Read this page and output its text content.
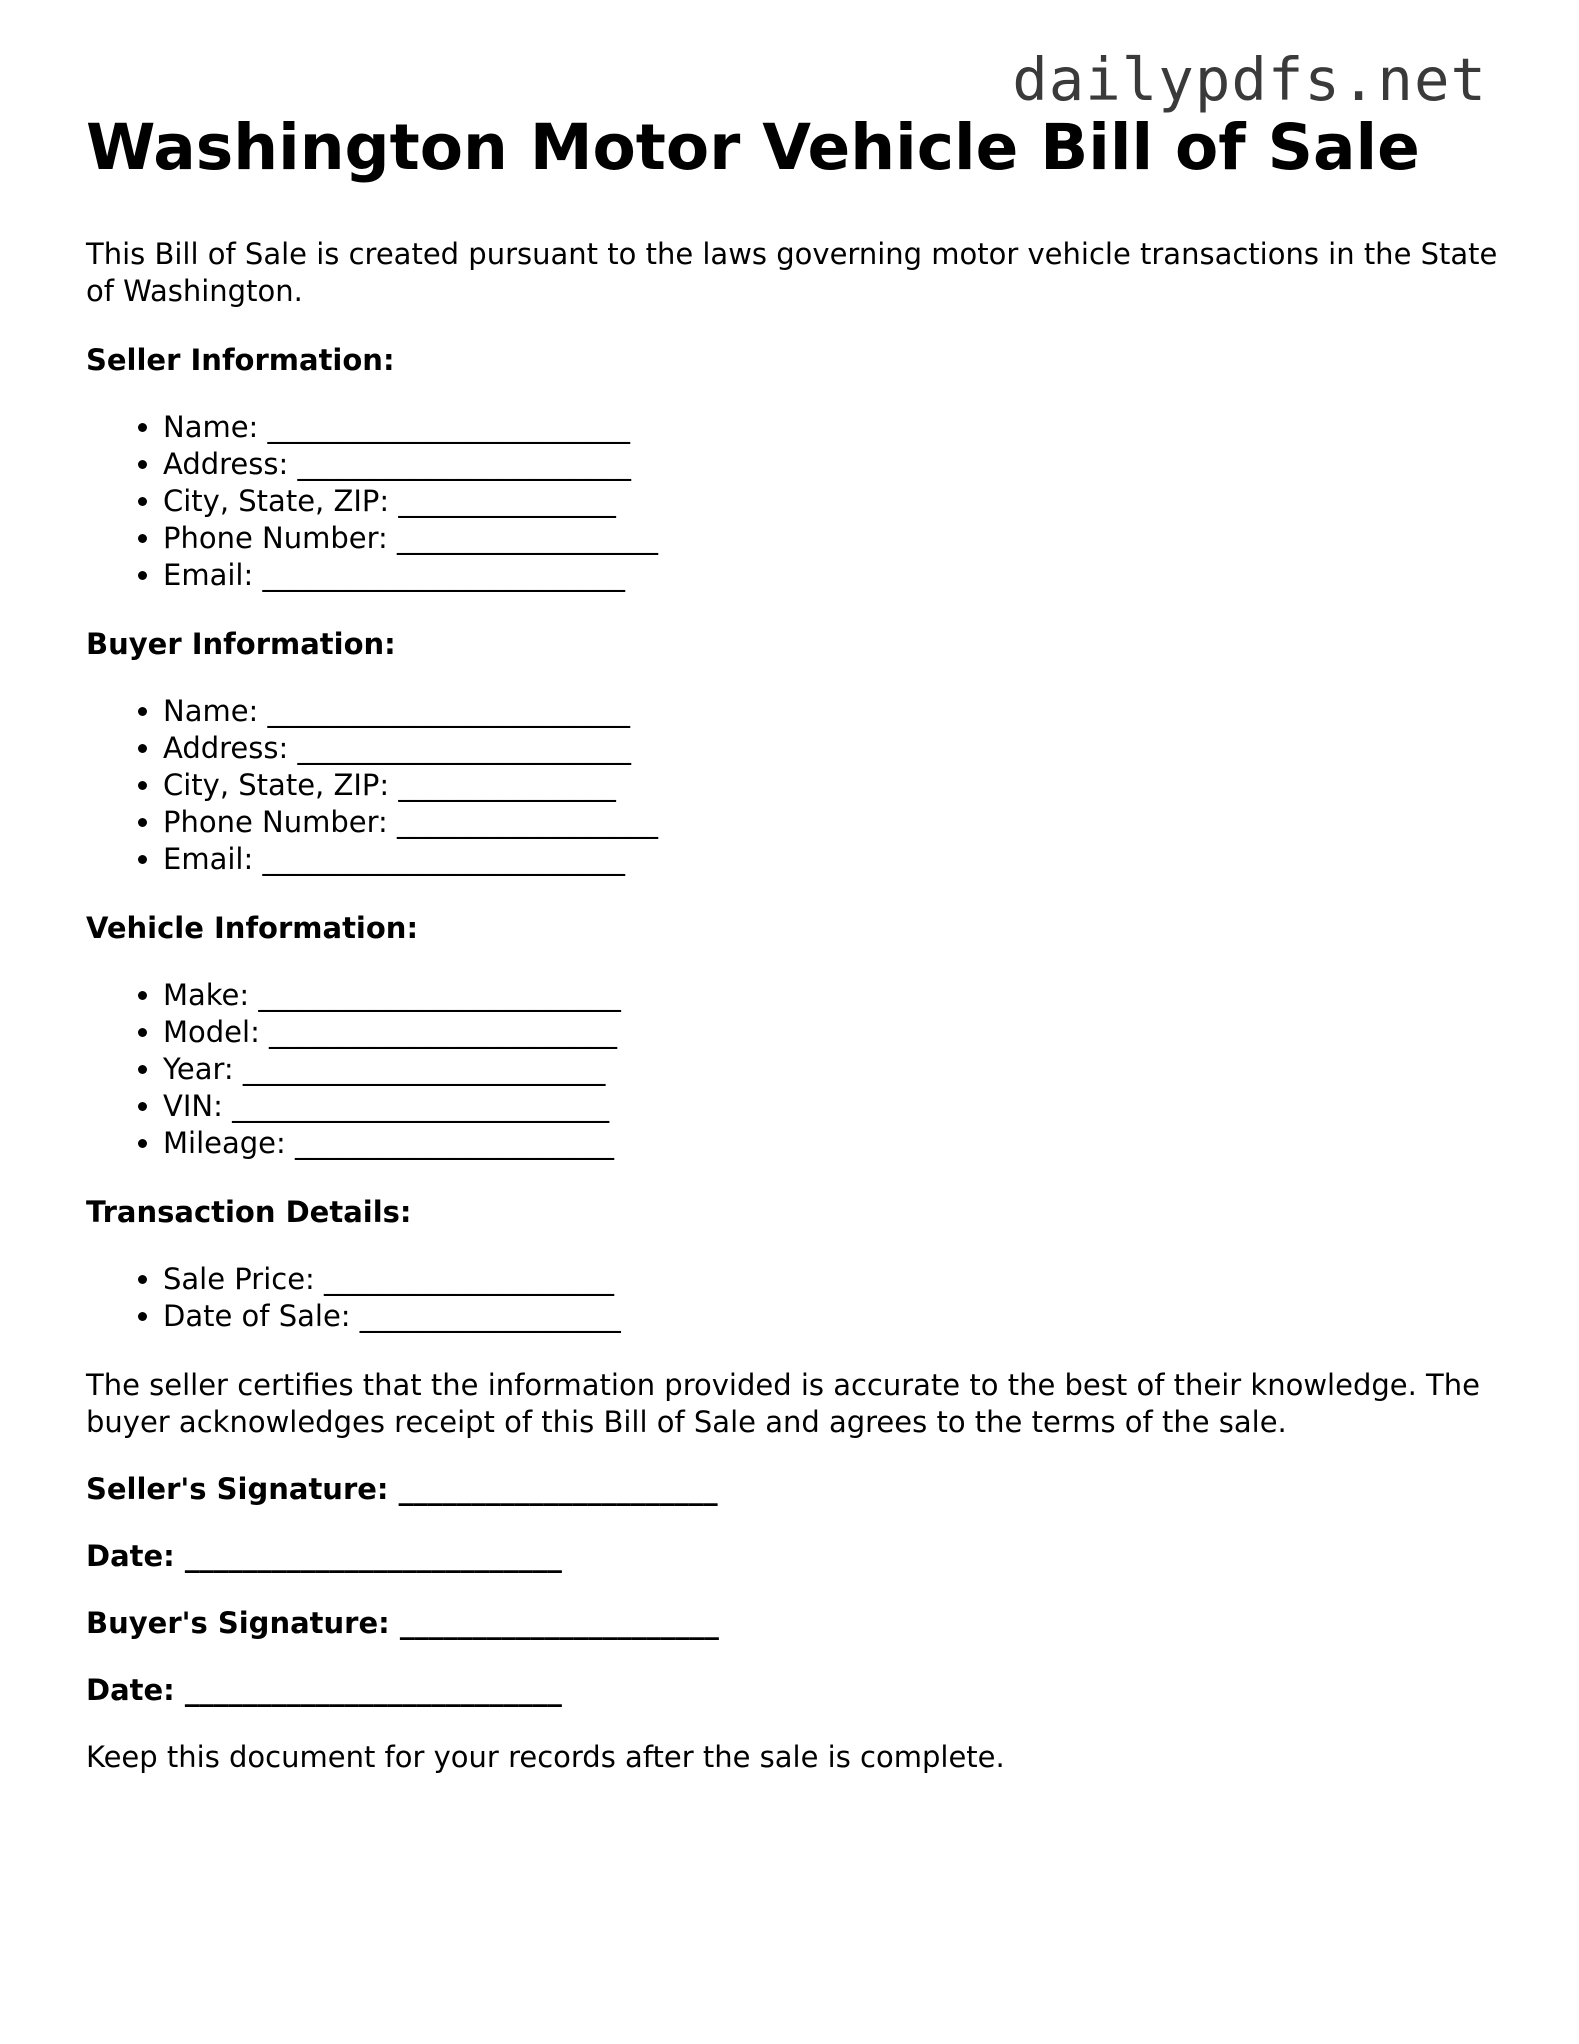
dailypdfs.net
Washington Motor Vehicle Bill of Sale

This Bill of Sale is created pursuant to the laws governing motor vehicle transactions in the State of Washington.

Seller Information:
• Name: _________________________
• Address: _______________________
• City, State, ZIP: _______________
• Phone Number: __________________
• Email: _________________________
Buyer Information:
• Name: _________________________
• Address: _______________________
• City, State, ZIP: _______________
• Phone Number: __________________
• Email: _________________________
Vehicle Information:
• Make: _________________________
• Model: ________________________
• Year: _________________________
• VIN: __________________________
• Mileage: ______________________
Transaction Details:
• Sale Price: ____________________
• Date of Sale: __________________

The seller certifies that the information provided is accurate to the best of their knowledge. The buyer acknowledges receipt of this Bill of Sale and agrees to the terms of the sale.

Seller's Signature: ______________________
Date: __________________________
Buyer's Signature: ______________________
Date: __________________________

Keep this document for your records after the sale is complete.
